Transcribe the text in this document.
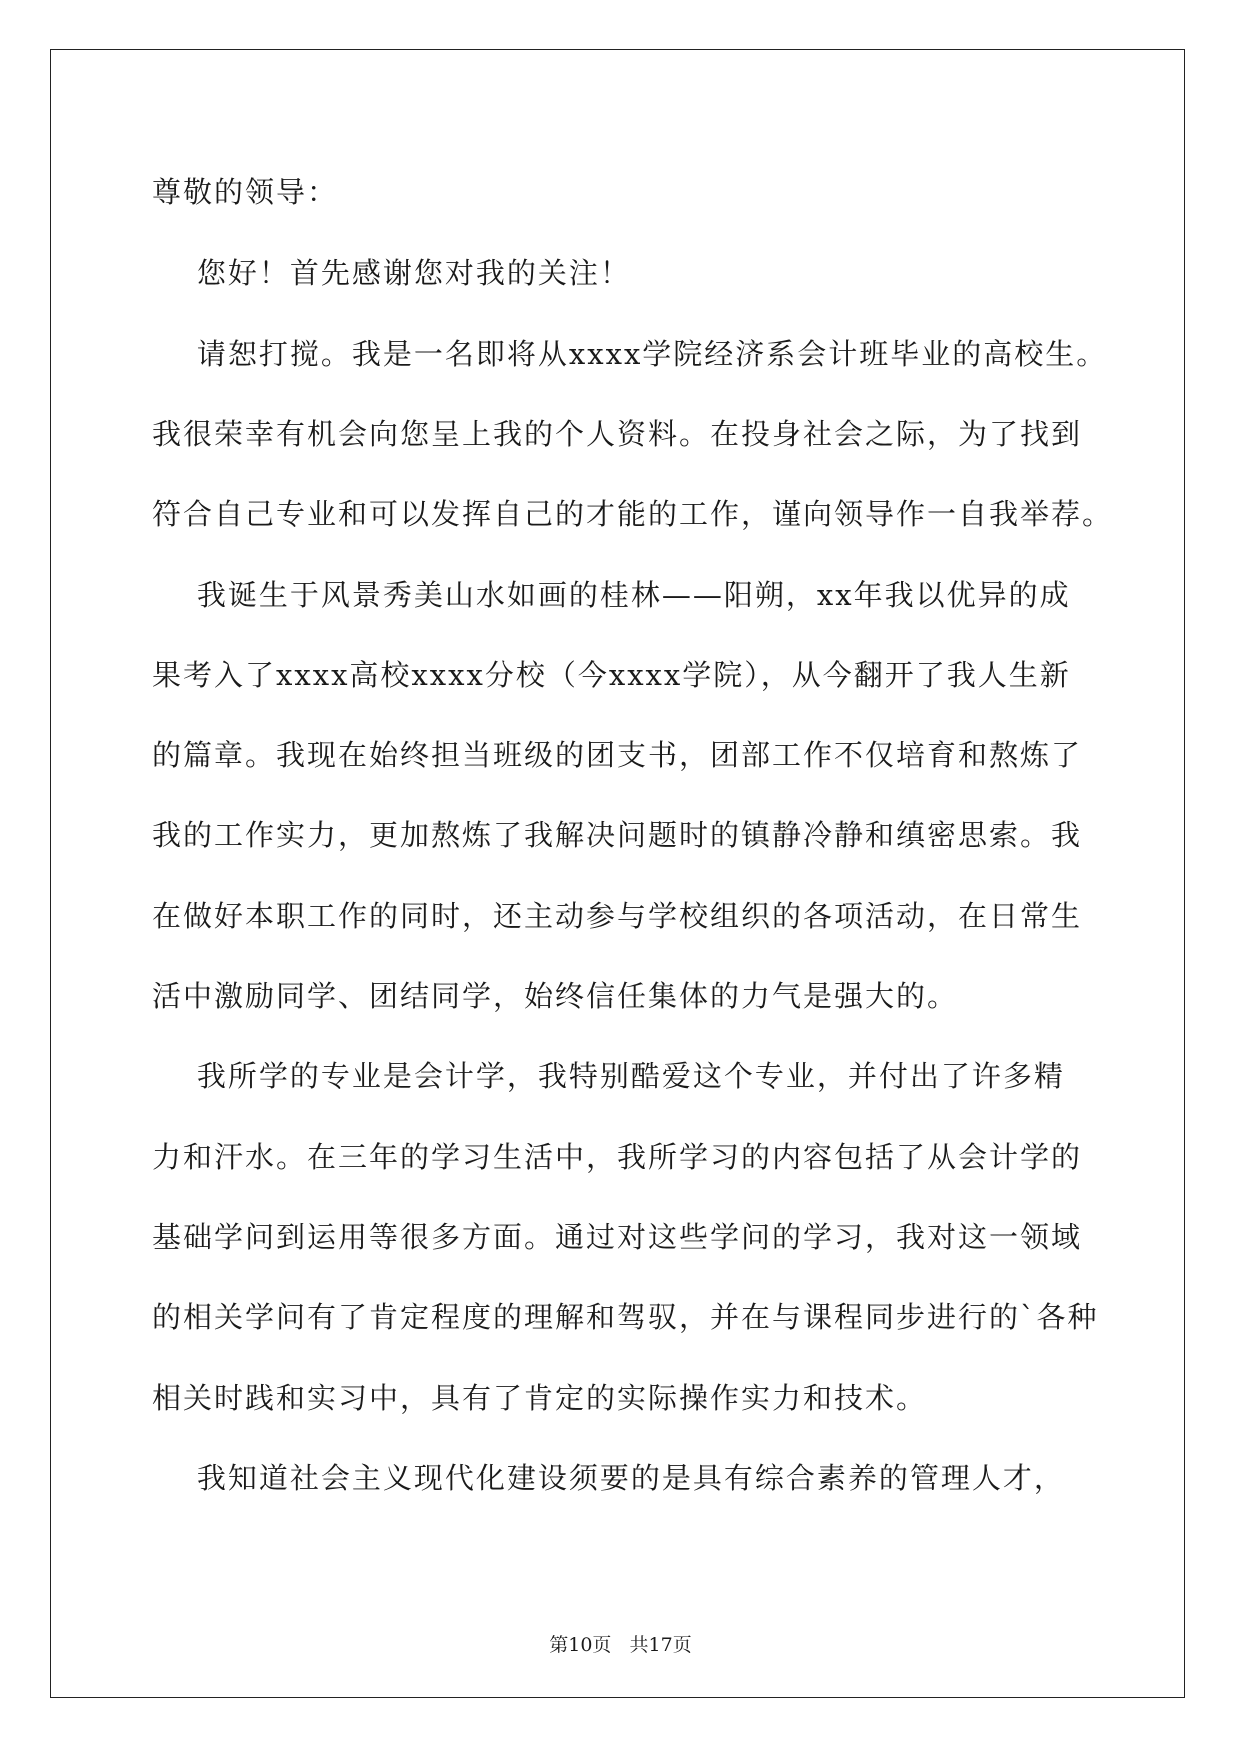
尊敬的领导：
您好！首先感谢您对我的关注！
请恕打搅。我是一名即将从xxxx学院经济系会计班毕业的高校生。
我很荣幸有机会向您呈上我的个人资料。在投身社会之际，为了找到
符合自己专业和可以发挥自己的才能的工作，谨向领导作一自我举荐。
我诞生于风景秀美山水如画的桂林——阳朔，xx年我以优异的成
果考入了xxxx高校xxxx分校（今xxxx学院），从今翻开了我人生新
的篇章。我现在始终担当班级的团支书，团部工作不仅培育和熬炼了
我的工作实力，更加熬炼了我解决问题时的镇静冷静和缜密思索。我
在做好本职工作的同时，还主动参与学校组织的各项活动，在日常生
活中激励同学、团结同学，始终信任集体的力气是强大的。
我所学的专业是会计学，我特别酷爱这个专业，并付出了许多精
力和汗水。在三年的学习生活中，我所学习的内容包括了从会计学的
基础学问到运用等很多方面。通过对这些学问的学习，我对这一领域
的相关学问有了肯定程度的理解和驾驭，并在与课程同步进行的`各种
相关时践和实习中，具有了肯定的实际操作实力和技术。
我知道社会主义现代化建设须要的是具有综合素养的管理人才，
第10页   共17页
